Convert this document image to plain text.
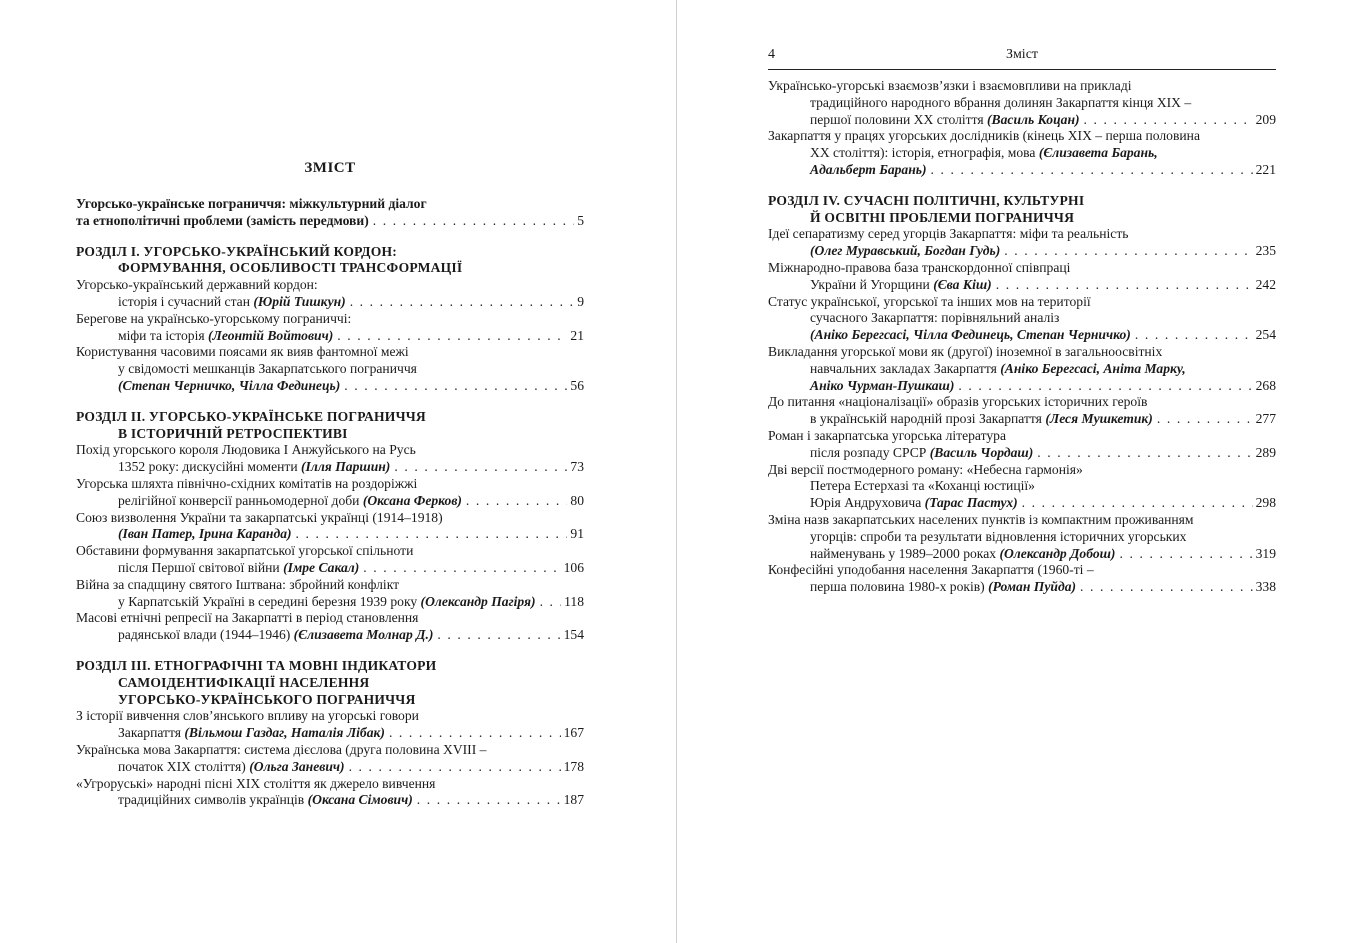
ЗМІСТ
Угорсько-українське пограниччя: міжкультурний діалог
та етнополітичні проблеми (замість передмови) . . .	5
РОЗДІЛ I. УГОРСЬКО-УКРАЇНСЬКИЙ КОРДОН:
ФОРМУВАННЯ, ОСОБЛИВОСТІ ТРАНСФОРМАЦІЇ
Угорсько-український державний кордон:
історія і сучасний стан (Юрій Тишкун) . . .	9
Берегове на українсько-угорському пограниччі:
міфи та історія (Леонтій Войтович) . . .	21
Користування часовими поясами як вияв фантомної межі
у свідомості мешканців Закарпатського пограниччя
(Степан Черничко, Чілла Фединець) . . .	56
РОЗДІЛ II. УГОРСЬКО-УКРАЇНСЬКЕ ПОГРАНИЧЧЯ
В ІСТОРИЧНІЙ РЕТРОСПЕКТИВІ
Похід угорського короля Людовика I Анжуйського на Русь
1352 року: дискусійні моменти (Ілля Паршин) . . .	73
Угорська шляхта північно-східних комітатів на роздоріжжі
релігійної конверсії ранньомодерної доби (Оксана Ферков) . . .	80
Союз визволення України та закарпатські українці (1914–1918)
(Іван Патер, Ірина Каранда) . . .	91
Обставини формування закарпатської угорської спільноти
після Першої світової війни (Імре Сакал) . . .	106
Війна за спадщину святого Іштвана: збройний конфлікт
у Карпатській Україні в середині березня 1939 року (Олександр Пагіря) . . . 118
Масові етнічні репресії на Закарпатті в період становлення
радянської влади (1944–1946) (Єлизавета Молнар Д.) . . .	154
РОЗДІЛ III. ЕТНОГРАФІЧНІ ТА МОВНІ ІНДИКАТОРИ
САМОІДЕНТИФІКАЦІЇ НАСЕЛЕННЯ
УГОРСЬКО-УКРАЇНСЬКОГО ПОГРАНИЧЧЯ
З історії вивчення слов’янського впливу на угорські говори
Закарпаття (Вільмош Газдаг, Наталія Лібак) . . .	167
Українська мова Закарпаття: система дієслова (друга половина XVIII –
початок XIX століття) (Ольга Заневич) . . .	178
«Угроруські» народні пісні XIX століття як джерело вивчення
традиційних символів українців (Оксана Сімович) . . .	187
4	Зміст
Українсько-угорські взаємозв’язки і взаємовпливи на прикладі
традиційного народного вбрання долинян Закарпаття кінця XIX –
першої половини XX століття (Василь Коцан) . . .	209
Закарпаття у працях угорських дослідників (кінець XIX – перша половина
XX століття): історія, етнографія, мова (Єлизавета Барань,
Адальберт Барань) . . .	221
РОЗДІЛ IV. СУЧАСНІ ПОЛІТИЧНІ, КУЛЬТУРНІ
Й ОСВІТНІ ПРОБЛЕМИ ПОГРАНИЧЧЯ
Ідеї сепаратизму серед угорців Закарпаття: міфи та реальність
(Олег Муравський, Богдан Гудь) . . .	235
Міжнародно-правова база транскордонної співпраці
України й Угорщини (Єва Кіш) . . .	242
Статус української, угорської та інших мов на території
сучасного Закарпаття: порівняльний аналіз
(Аніко Берегсасі, Чілла Фединець, Степан Черничко) . . .	254
Викладання угорської мови як (другої) іноземної в загальноосвітніх
навчальних закладах Закарпаття (Аніко Берегсасі, Аніта Марку,
Аніко Чурман-Пушкаш) . . .	268
До питання «націоналізації» образів угорських історичних героїв
в українській народній прозі Закарпаття (Леся Мушкетик) . . .	277
Роман і закарпатська угорська література
після розпаду СРСР (Василь Чордаш) . . .	289
Дві версії постмодерного роману: «Небесна гармонія»
Петера Естерхазі та «Коханці юстиції»
Юрія Андруховича (Тарас Пастух) . . .	298
Зміна назв закарпатських населених пунктів із компактним проживанням
угорців: спроби та результати відновлення історичних угорських
найменувань у 1989–2000 роках (Олександр Добош) . . .	319
Конфесійні уподобання населення Закарпаття (1960-ті –
перша половина 1980-х років) (Роман Пуйда) . . .	338
